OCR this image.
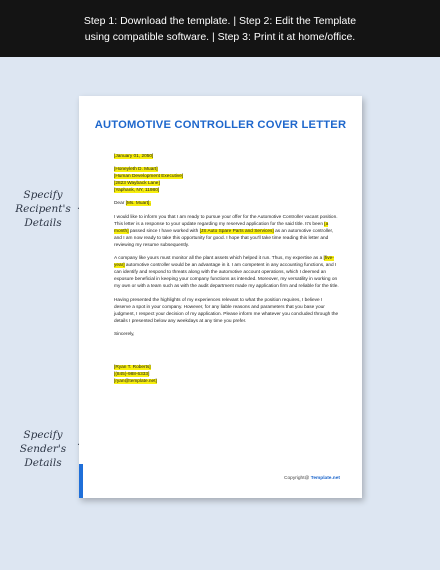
Step 1: Download the template. | Step 2: Edit the Template
using compatible software. | Step 3: Print it at home/office.
Specify Recipent's Details
Specify Sender's Details
AUTOMOTIVE CONTROLLER COVER LETTER
[January 01, 2050]
[Honeyleth D. Muart]
[Human Development Executive]
[2823 Wayback Lane]
[Yaphank, NY, 11980]
Dear [Ms. Muart],
I would like to inform you that I am ready to pursue your offer for the Automotive Controller vacant position. This letter is a response to your update regarding my reserved application for the said title. It's been [a month] passed since I have worked with [JS Auto Spare Parts and Services] as an automotive controller, and I am now ready to take this opportunity for good. I hope that you'll take time reading this letter and reviewing my resume subsequently.
A company like yours must monitor all the plant assets which helped it run. Thus, my expertise as a [five-year] automotive controller would be an advantage in it. I am competent in any accounting functions, and I can identify and respond to threats along with the automotive account operations, which I deemed an exposure beneficial in keeping your company functions as intended. Moreover, my versatility in working on my own or with a team such as with the audit department made my application firm and reliable for the title.
Having presented the highlights of my experiences relevant to what the position requires, I believe I deserve a spot in your company. However, for any liable reasons and parameters that you base your judgment, I respect your decision of my application. Please inform me whatever you concluded through the details I presented below any weekdays at any time you prefer.
Sincerely,
[Ryan T. Roberts]
[(845)-988-6333]
[ryan@template.net]
Copyright@ Template.net
